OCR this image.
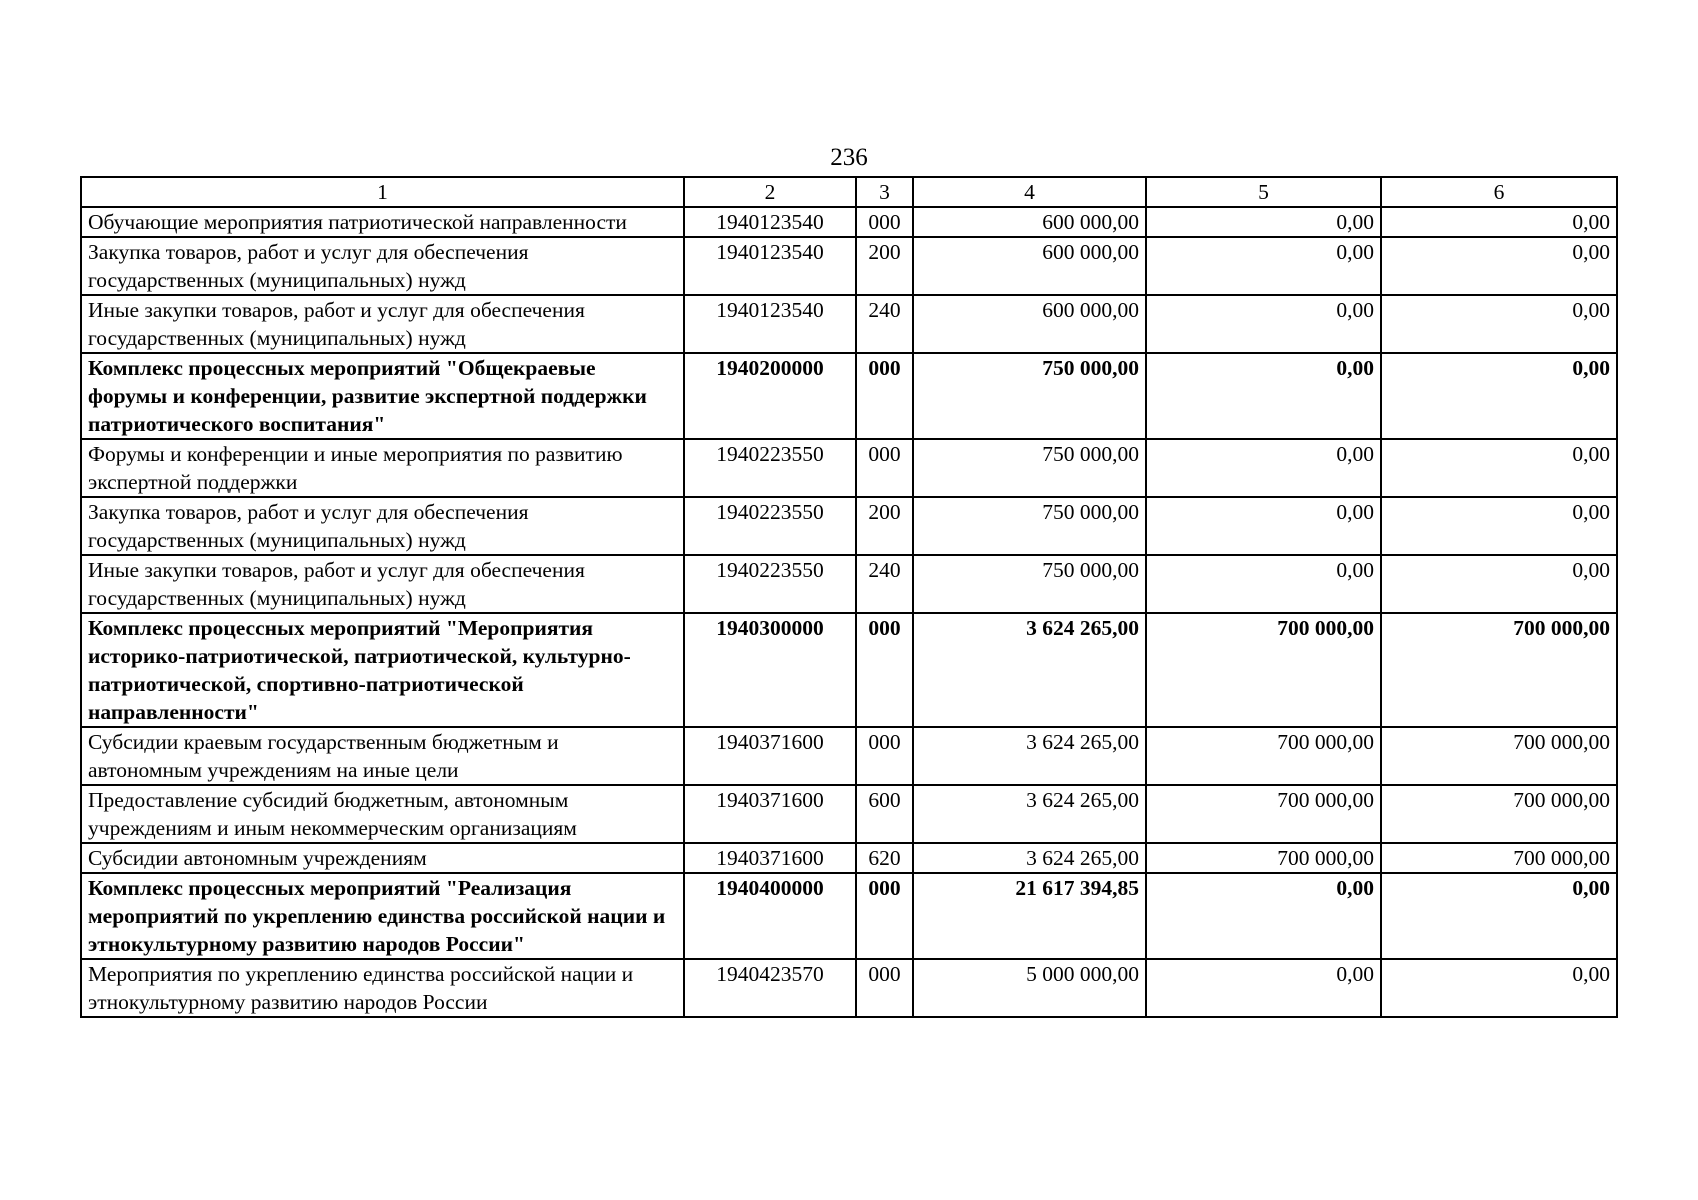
236
1	2	3	4	5	6
Обучающие мероприятия патриотической направленности	1940123540	000	600 000,00	0,00	0,00
Закупка товаров, работ и услуг для обеспечения государственных (муниципальных) нужд	1940123540	200	600 000,00	0,00	0,00
Иные закупки товаров, работ и услуг для обеспечения государственных (муниципальных) нужд	1940123540	240	600 000,00	0,00	0,00
Комплекс процессных мероприятий "Общекраевые форумы и конференции, развитие экспертной поддержки патриотического воспитания"	1940200000	000	750 000,00	0,00	0,00
Форумы и конференции и иные мероприятия по развитию экспертной поддержки	1940223550	000	750 000,00	0,00	0,00
Закупка товаров, работ и услуг для обеспечения государственных (муниципальных) нужд	1940223550	200	750 000,00	0,00	0,00
Иные закупки товаров, работ и услуг для обеспечения государственных (муниципальных) нужд	1940223550	240	750 000,00	0,00	0,00
Комплекс процессных мероприятий "Мероприятия историко-патриотической, патриотической, культурно-патриотической, спортивно-патриотической направленности"	1940300000	000	3 624 265,00	700 000,00	700 000,00
Субсидии краевым государственным бюджетным и автономным учреждениям на иные цели	1940371600	000	3 624 265,00	700 000,00	700 000,00
Предоставление субсидий бюджетным, автономным учреждениям и иным некоммерческим организациям	1940371600	600	3 624 265,00	700 000,00	700 000,00
Субсидии автономным учреждениям	1940371600	620	3 624 265,00	700 000,00	700 000,00
Комплекс процессных мероприятий "Реализация мероприятий по укреплению единства российской нации и этнокультурному развитию народов России"	1940400000	000	21 617 394,85	0,00	0,00
Мероприятия по укреплению единства российской нации и этнокультурному развитию народов России	1940423570	000	5 000 000,00	0,00	0,00
